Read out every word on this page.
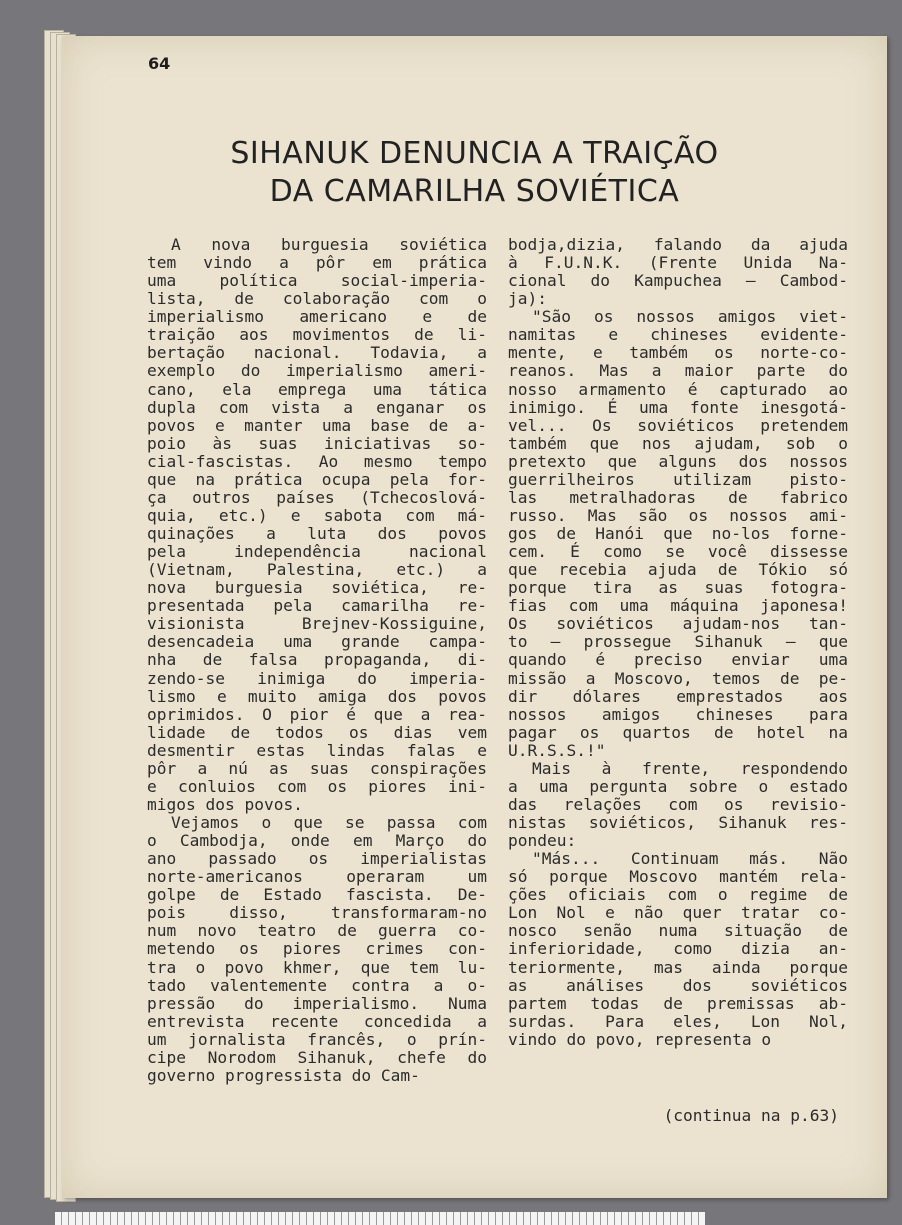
64

SIHANUK DENUNCIA A TRAIÇÃO
DA CAMARILHA SOVIÉTICA
A nova burguesia soviética
tem vindo a pôr em prática
uma política social-imperia-
lista, de colaboração com o
imperialismo americano e de
traição aos movimentos de li-
bertação nacional. Todavia, a
exemplo do imperialismo ameri-
cano, ela emprega uma tática
dupla com vista a enganar os
povos e manter uma base de a-
poio às suas iniciativas so-
cial-fascistas. Ao mesmo tempo
que na prática ocupa pela for-
ça outros países (Tchecoslová-
quia, etc.) e sabota com má-
quinações a luta dos povos
pela independência nacional
(Vietnam, Palestina, etc.) a
nova burguesia soviética, re-
presentada pela camarilha re-
visionista Brejnev-Kossiguine,
desencadeia uma grande campa-
nha de falsa propaganda, di-
zendo-se inimiga do imperia-
lismo e muito amiga dos povos
oprimidos. O pior é que a rea-
lidade de todos os dias vem
desmentir estas lindas falas e
pôr a nú as suas conspirações
e conluios com os piores ini-
migos dos povos.
Vejamos o que se passa com
o Cambodja, onde em Março do
ano passado os imperialistas
norte-americanos operaram um
golpe de Estado fascista. De-
pois disso, transformaram-no
num novo teatro de guerra co-
metendo os piores crimes con-
tra o povo khmer, que tem lu-
tado valentemente contra a o-
pressão do imperialismo. Numa
entrevista recente concedida a
um jornalista francês, o prín-
cipe Norodom Sihanuk, chefe do
governo progressista do Cam-
bodja,dizia, falando da ajuda
à F.U.N.K. (Frente Unida Na-
cional do Kampuchea — Cambod-
ja):
"São os nossos amigos viet-
namitas e chineses evidente-
mente, e também os norte-co-
reanos. Mas a maior parte do
nosso armamento é capturado ao
inimigo. É uma fonte inesgotá-
vel... Os soviéticos pretendem
também que nos ajudam, sob o
pretexto que alguns dos nossos
guerrilheiros utilizam pisto-
las metralhadoras de fabrico
russo. Mas são os nossos ami-
gos de Hanói que no-los forne-
cem. É como se você dissesse
que recebia ajuda de Tókio só
porque tira as suas fotogra-
fias com uma máquina japonesa!
Os soviéticos ajudam-nos tan-
to — prossegue Sihanuk — que
quando é preciso enviar uma
missão a Moscovo, temos de pe-
dir dólares emprestados aos
nossos amigos chineses para
pagar os quartos de hotel na
U.R.S.S.!"
Mais à frente, respondendo
a uma pergunta sobre o estado
das relações com os revisio-
nistas soviéticos, Sihanuk res-
pondeu:
"Más... Continuam más. Não
só porque Moscovo mantém rela-
ções oficiais com o regime de
Lon Nol e não quer tratar co-
nosco senão numa situação de
inferioridade, como dizia an-
teriormente, mas ainda porque
as análises dos soviéticos
partem todas de premissas ab-
surdas. Para eles, Lon Nol,
vindo do povo, representa o

(continua na p.63)
